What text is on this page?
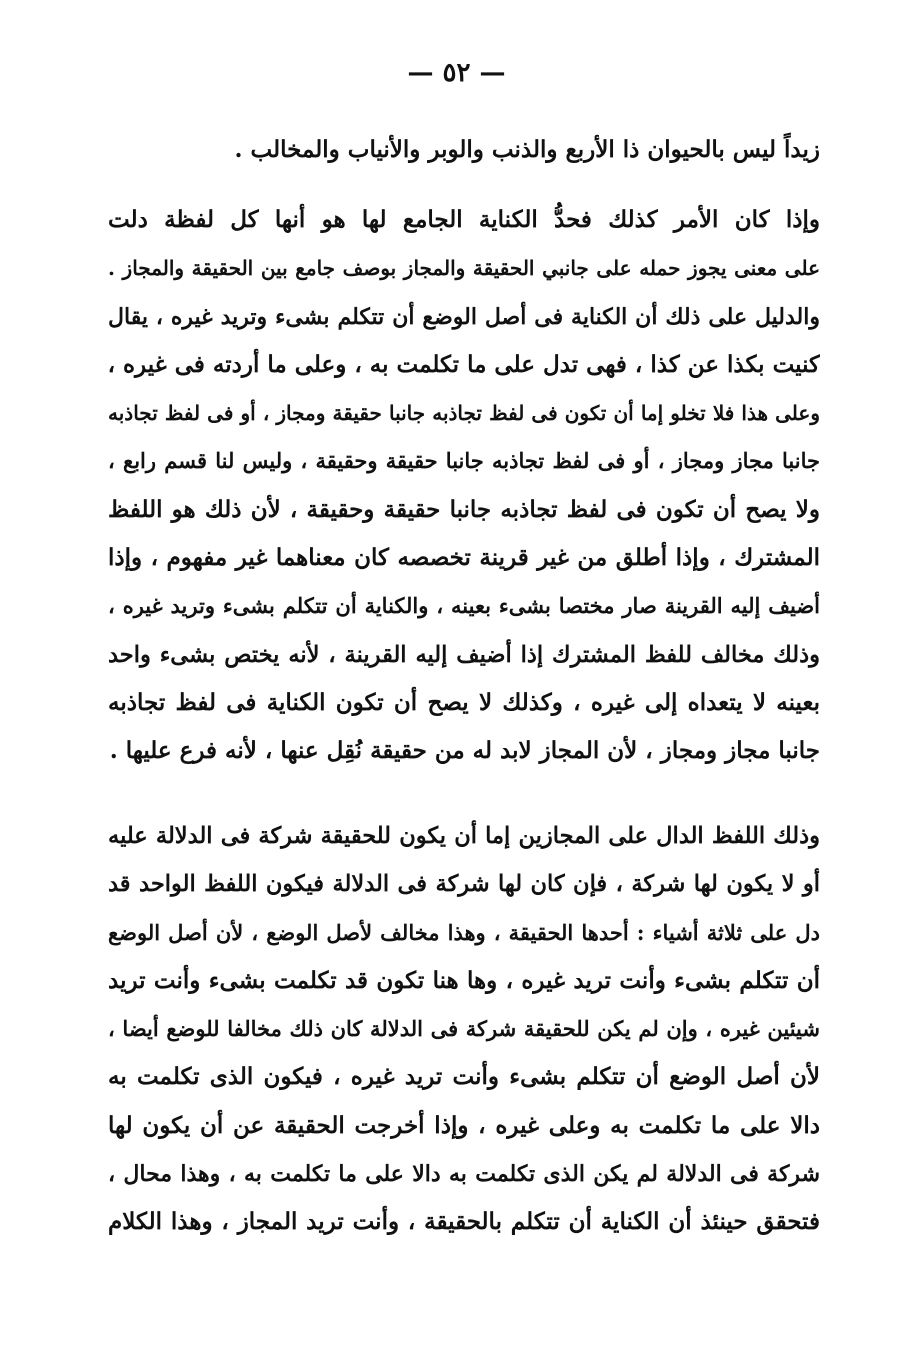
— ٥٢ —
زيداً ليس بالحيوان ذا الأربع والذنب والوبر والأنياب والمخالب .
وإذا كان الأمر كذلك فحدُّ الكناية الجامع لها هو أنها كل لفظة دلت
على معنى يجوز حمله على جانبي الحقيقة والمجاز بوصف جامع بين الحقيقة والمجاز .
والدليل على ذلك أن الكناية فى أصل الوضع أن تتكلم بشىء وتريد غيره ، يقال
كنيت بكذا عن كذا ، فهى تدل على ما تكلمت به ، وعلى ما أردته فى غيره ،
وعلى هذا فلا تخلو إما أن تكون فى لفظ تجاذبه جانبا حقيقة ومجاز ، أو فى لفظ تجاذبه
جانبا مجاز ومجاز ، أو فى لفظ تجاذبه جانبا حقيقة وحقيقة ، وليس لنا قسم رابع ،
ولا يصح أن تكون فى لفظ تجاذبه جانبا حقيقة وحقيقة ، لأن ذلك هو اللفظ
المشترك ، وإذا أطلق من غير قرينة تخصصه كان معناهما غير مفهوم ، وإذا
أضيف إليه القرينة صار مختصا بشىء بعينه ، والكناية أن تتكلم بشىء وتريد غيره ،
وذلك مخالف للفظ المشترك إذا أضيف إليه القرينة ، لأنه يختص بشىء واحد
بعينه لا يتعداه إلى غيره ، وكذلك لا يصح أن تكون الكناية فى لفظ تجاذبه
جانبا مجاز ومجاز ، لأن المجاز لابد له من حقيقة نُقِل عنها ، لأنه فرع عليها .
وذلك اللفظ الدال على المجازين إما أن يكون للحقيقة شركة فى الدلالة عليه
أو لا يكون لها شركة ، فإن كان لها شركة فى الدلالة فيكون اللفظ الواحد قد
دل على ثلاثة أشياء : أحدها الحقيقة ، وهذا مخالف لأصل الوضع ، لأن أصل الوضع
أن تتكلم بشىء وأنت تريد غيره ، وها هنا تكون قد تكلمت بشىء وأنت تريد
شيئين غيره ، وإن لم يكن للحقيقة شركة فى الدلالة كان ذلك مخالفا للوضع أيضا ،
لأن أصل الوضع أن تتكلم بشىء وأنت تريد غيره ، فيكون الذى تكلمت به
دالا على ما تكلمت به وعلى غيره ، وإذا أخرجت الحقيقة عن أن يكون لها
شركة فى الدلالة لم يكن الذى تكلمت به دالا على ما تكلمت به ، وهذا محال ،
فتحقق حينئذ أن الكناية أن تتكلم بالحقيقة ، وأنت تريد المجاز ، وهذا الكلام
